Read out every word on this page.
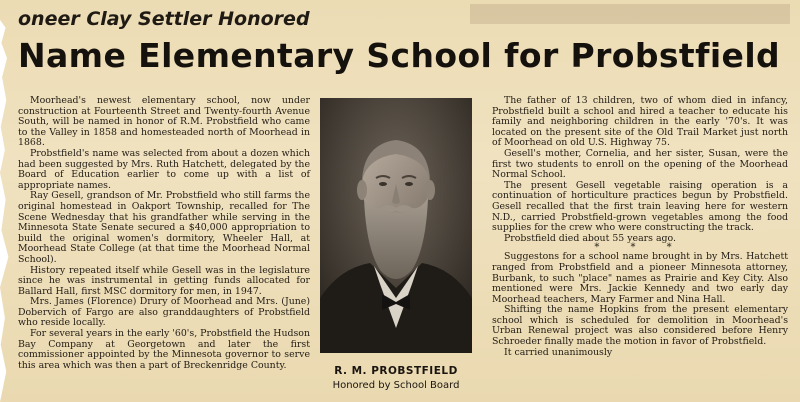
oneer Clay Settler Honored
Name Elementary School for Probstfield

Moorhead's newest elementary school, now under construction at Fourteenth Street and Twenty-fourth Avenue South, will be named in honor of R.M. Probstfield who came to the Valley in 1858 and homesteaded north of Moorhead in 1868.

Probstfield's name was selected from about a dozen which had been suggested by Mrs. Ruth Hatchett, delegated by the Board of Education earlier to come up with a list of appropriate names.

Ray Gesell, grandson of Mr. Probstfield who still farms the original homestead in Oakport Township, recalled for The Scene Wednesday that his grandfather while serving in the Minnesota State Senate secured a $40,000 appropriation to build the original women's dormitory, Wheeler Hall, at Moorhead State College (at that time the Moorhead Normal School).

History repeated itself while Gesell was in the legislature since he was instrumental in getting funds allocated for Ballard Hall, first MSC dormitory for men, in 1947.

Mrs. James (Florence) Drury of Moorhead and Mrs. (June) Dobervich of Fargo are also granddaughters of Probstfield who reside locally.

For several years in the early '60's, Probstfield the Hudson Bay Company at Georgetown and later the first commissioner appointed by the Minnesota governor to serve this area which was then a part of Breckenridge County.	R. M. PROBSTFIELD
Honored by School Board

The father of 13 children, two of whom died in infancy, Probstfield built a school and hired a teacher to educate his family and neighboring children in the early '70's. It was located on the present site of the Old Trail Market just north of Moorhead on old U.S. Highway 75.

Gesell's mother, Cornelia, and her sister, Susan, were the first two students to enroll on the opening of the Moorhead Normal School.

The present Gesell vegetable raising operation is a continuation of horticulture practices begun by Probstfield. Gesell recalled that the first train leaving here for western N.D., carried Probstfield-grown vegetables among the food supplies for the crew who were constructing the track.

Probstfield died about 55 years ago.

* * *

Suggestons for a school name brought in by Mrs. Hatchett ranged from Probstfield and a pioneer Minnesota attorney, Burbank, to such "place" names as Prairie and Key City. Also mentioned were Mrs. Jackie Kennedy and two early day Moorhead teachers, Mary Farmer and Nina Hall.

Shifting the name Hopkins from the present elementary school which is scheduled for demolition in Moorhead's Urban Renewal project was also considered before Henry Schroeder finally made the motion in favor of Probstfield.

It carried unanimously
